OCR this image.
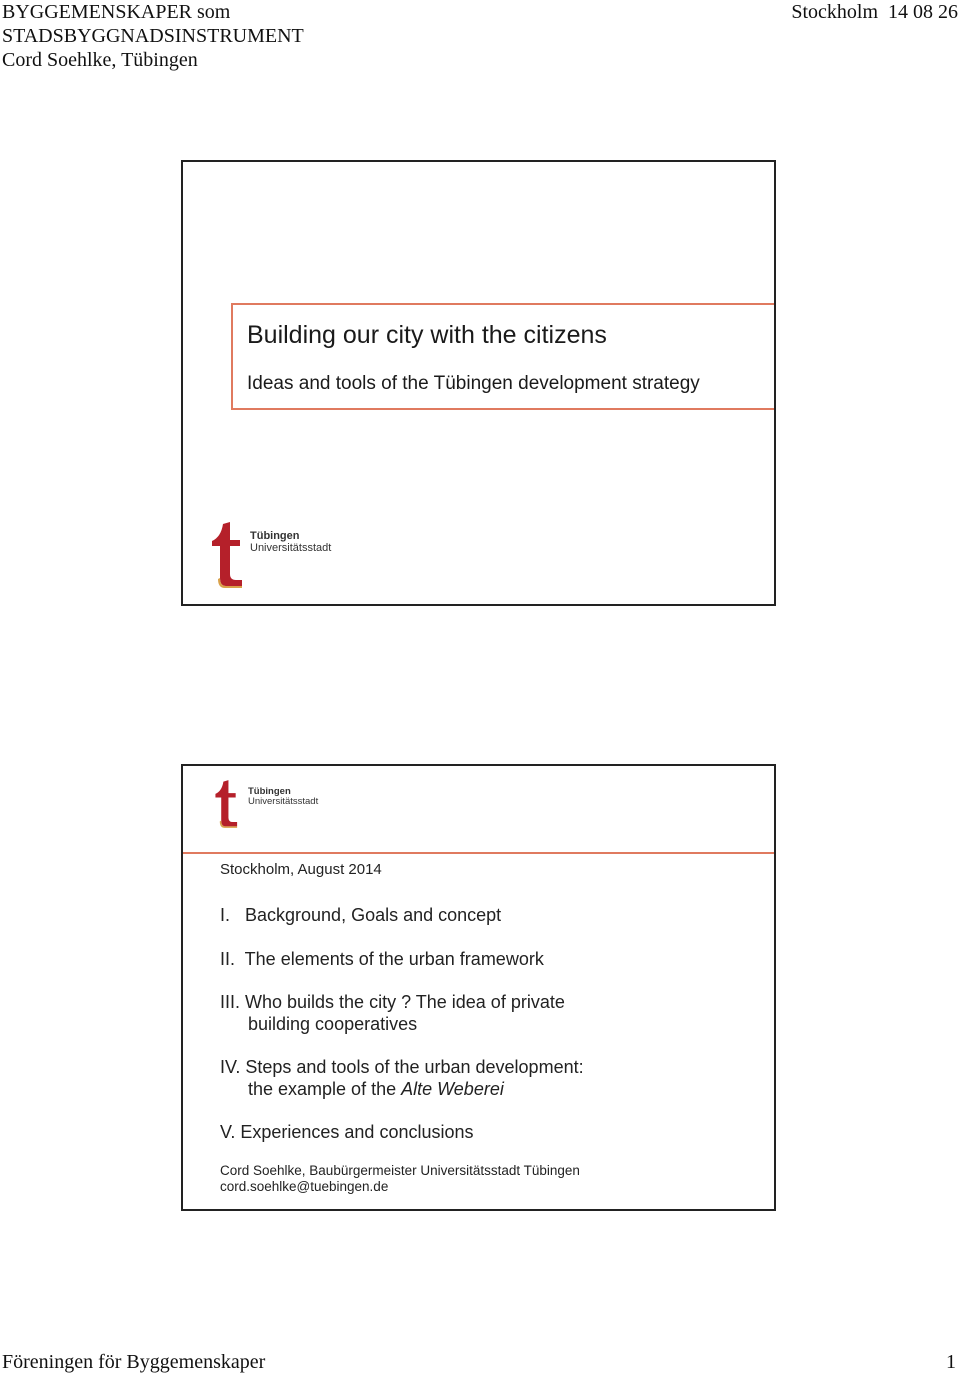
BYGGEMENSKAPER som
STADSBYGGNADSINSTRUMENT
Cord Soehlke, Tübingen
Stockholm  14 08 26
Building our city with the citizens
Ideas and tools of the Tübingen development strategy
Tübingen
Universitätsstadt
Tübingen
Universitätsstadt
Stockholm, August 2014
I.   Background, Goals and concept
II.  The elements of the urban framework
III. Who builds the city ? The idea of private
building cooperatives
IV. Steps and tools of the urban development:
the example of the Alte Weberei
V. Experiences and conclusions
Cord Soehlke, Baubürgermeister Universitätsstadt Tübingen
cord.soehlke@tuebingen.de
Föreningen för Byggemenskaper	1
